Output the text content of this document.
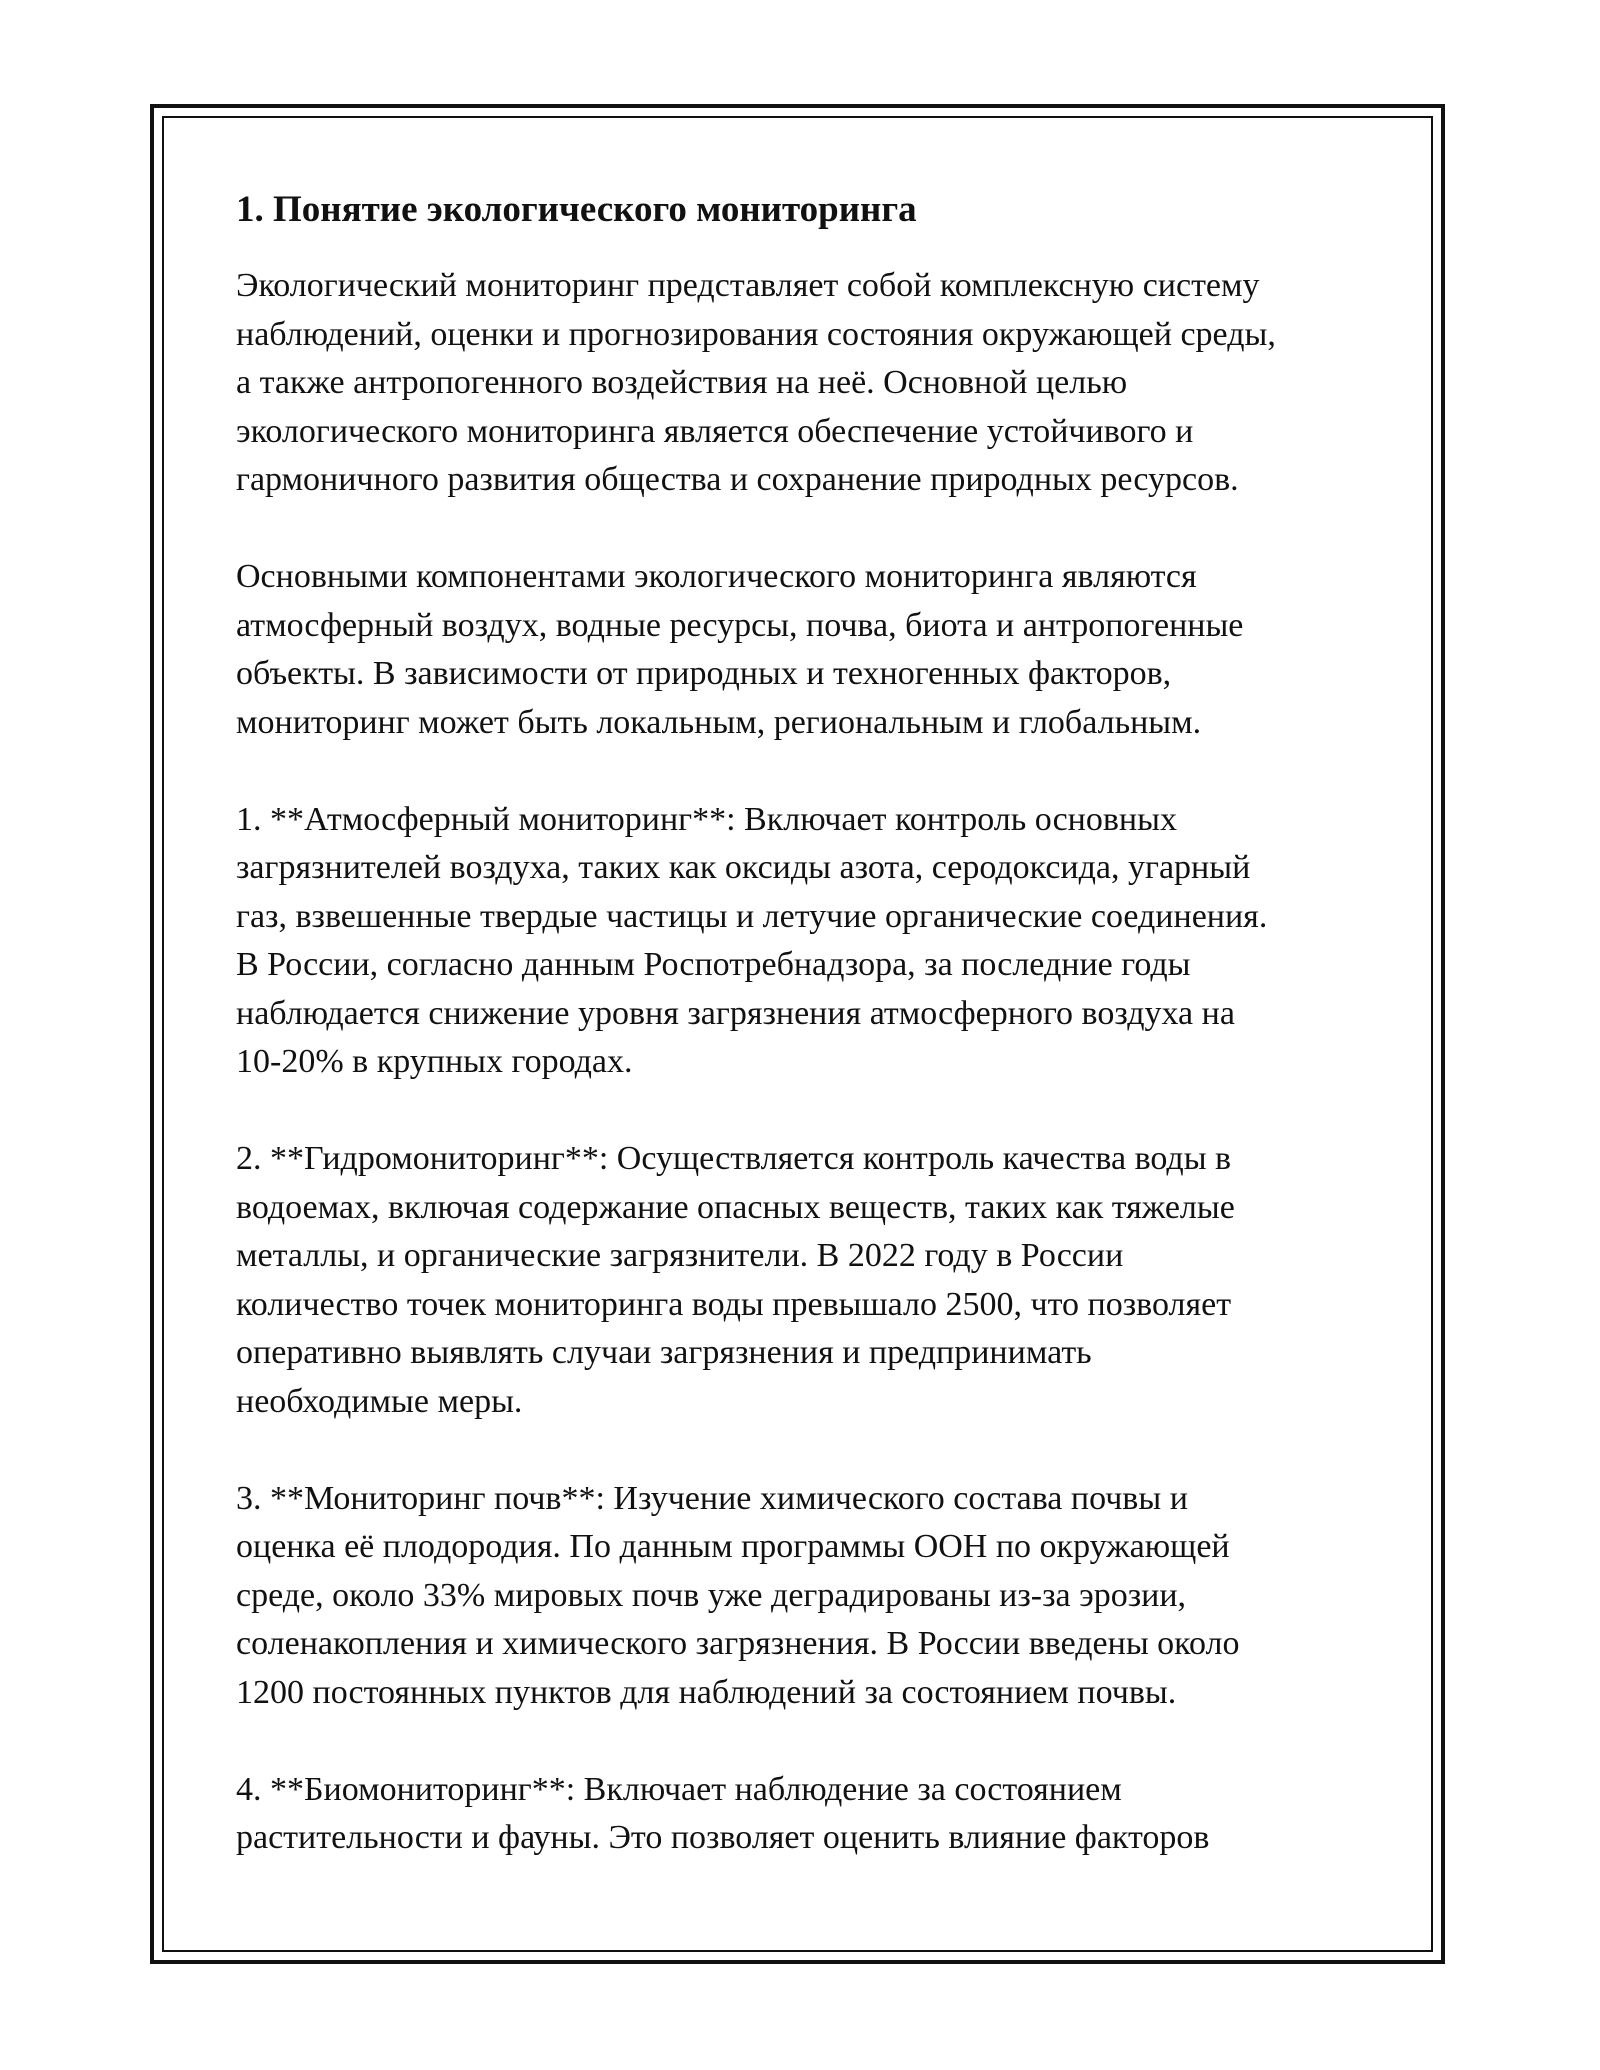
1. Понятие экологического мониторинга

Экологический мониторинг представляет собой комплексную систему
наблюдений, оценки и прогнозирования состояния окружающей среды,
а также антропогенного воздействия на неё. Основной целью
экологического мониторинга является обеспечение устойчивого и
гармоничного развития общества и сохранение природных ресурсов.

Основными компонентами экологического мониторинга являются
атмосферный воздух, водные ресурсы, почва, биота и антропогенные
объекты. В зависимости от природных и техногенных факторов,
мониторинг может быть локальным, региональным и глобальным.

1. **Атмосферный мониторинг**: Включает контроль основных
загрязнителей воздуха, таких как оксиды азота, серодоксида, угарный
газ, взвешенные твердые частицы и летучие органические соединения.
В России, согласно данным Роспотребнадзора, за последние годы
наблюдается снижение уровня загрязнения атмосферного воздуха на
10-20% в крупных городах.

2. **Гидромониторинг**: Осуществляется контроль качества воды в
водоемах, включая содержание опасных веществ, таких как тяжелые
металлы, и органические загрязнители. В 2022 году в России
количество точек мониторинга воды превышало 2500, что позволяет
оперативно выявлять случаи загрязнения и предпринимать
необходимые меры.

3. **Мониторинг почв**: Изучение химического состава почвы и
оценка её плодородия. По данным программы ООН по окружающей
среде, около 33% мировых почв уже деградированы из-за эрозии,
соленакопления и химического загрязнения. В России введены около
1200 постоянных пунктов для наблюдений за состоянием почвы.

4. **Биомониторинг**: Включает наблюдение за состоянием
растительности и фауны. Это позволяет оценить влияние факторов
